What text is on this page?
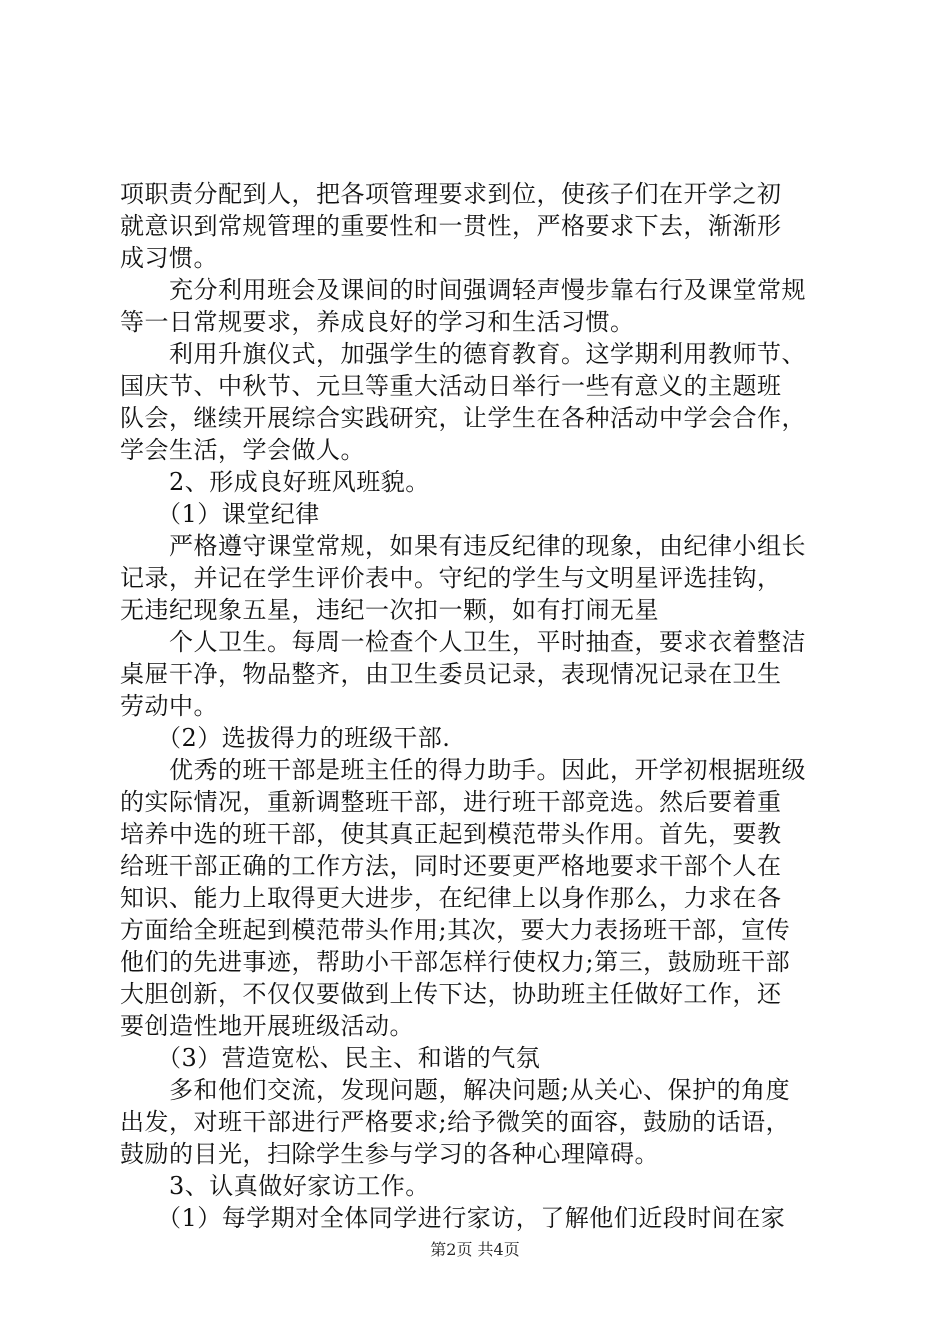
项职责分配到人，把各项管理要求到位，使孩子们在开学之初
就意识到常规管理的重要性和一贯性，严格要求下去，渐渐形
成习惯。
　　充分利用班会及课间的时间强调轻声慢步靠右行及课堂常规
等一日常规要求，养成良好的学习和生活习惯。
　　利用升旗仪式，加强学生的德育教育。这学期利用教师节、
国庆节、中秋节、元旦等重大活动日举行一些有意义的主题班
队会，继续开展综合实践研究，让学生在各种活动中学会合作，
学会生活，学会做人。
　　2、形成良好班风班貌。
　　（1）课堂纪律
　　严格遵守课堂常规，如果有违反纪律的现象，由纪律小组长
记录，并记在学生评价表中。守纪的学生与文明星评选挂钩，
无违纪现象五星，违纪一次扣一颗，如有打闹无星
　　个人卫生。每周一检查个人卫生，平时抽查，要求衣着整洁
桌屉干净，物品整齐，由卫生委员记录，表现情况记录在卫生
劳动中。
　　（2）选拔得力的班级干部.
　　优秀的班干部是班主任的得力助手。因此，开学初根据班级
的实际情况，重新调整班干部，进行班干部竞选。然后要着重
培养中选的班干部，使其真正起到模范带头作用。首先，要教
给班干部正确的工作方法，同时还要更严格地要求干部个人在
知识、能力上取得更大进步，在纪律上以身作那么，力求在各
方面给全班起到模范带头作用;其次，要大力表扬班干部，宣传
他们的先进事迹，帮助小干部怎样行使权力;第三，鼓励班干部
大胆创新，不仅仅要做到上传下达，协助班主任做好工作，还
要创造性地开展班级活动。
　　（3）营造宽松、民主、和谐的气氛
　　多和他们交流，发现问题，解决问题;从关心、保护的角度
出发，对班干部进行严格要求;给予微笑的面容，鼓励的话语，
鼓励的目光，扫除学生参与学习的各种心理障碍。
　　3、认真做好家访工作。
　　（1）每学期对全体同学进行家访，了解他们近段时间在家
第2页 共4页
